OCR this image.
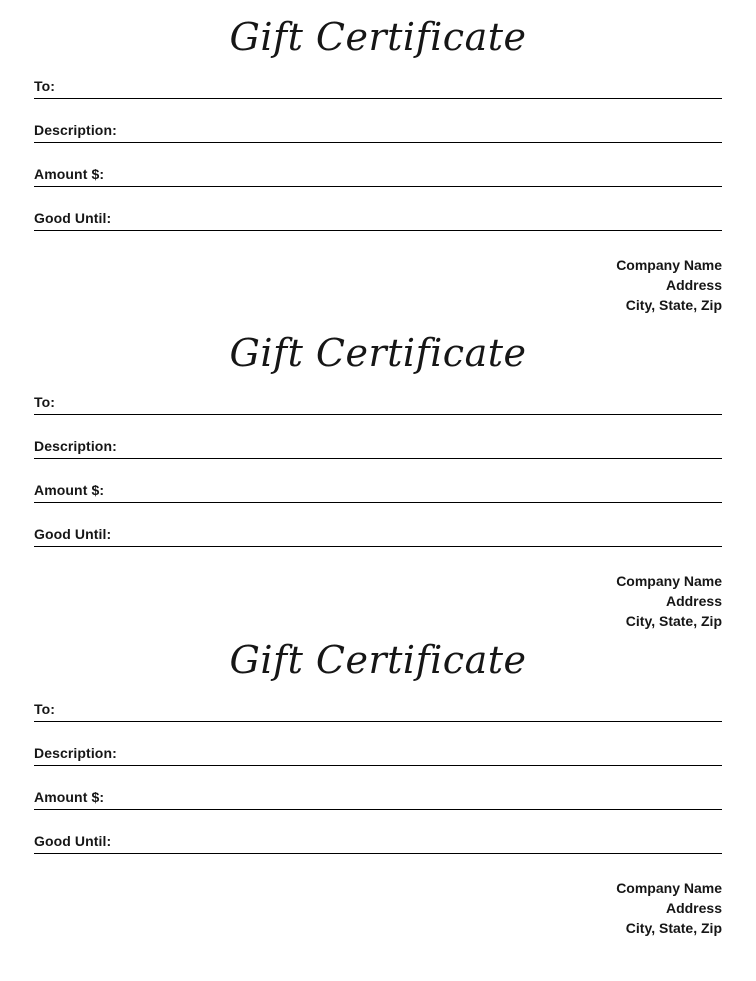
Gift Certificate
To:
Description:
Amount $:
Good Until:
Company Name
Address
City, State, Zip
Gift Certificate
To:
Description:
Amount $:
Good Until:
Company Name
Address
City, State, Zip
Gift Certificate
To:
Description:
Amount $:
Good Until:
Company Name
Address
City, State, Zip
